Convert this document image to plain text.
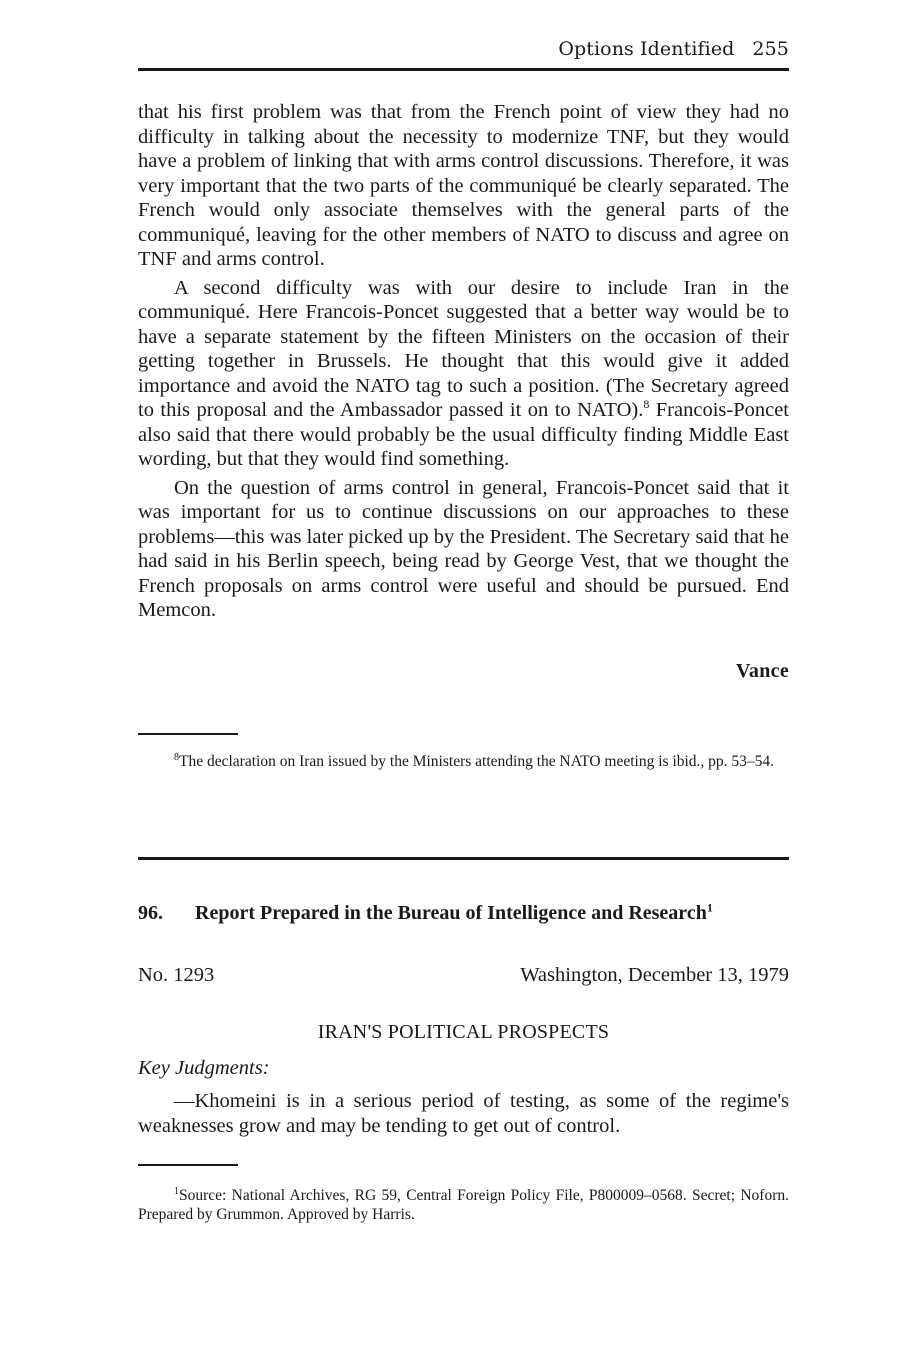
Options Identified 255

that his first problem was that from the French point of view they had no difficulty in talking about the necessity to modernize TNF, but they would have a problem of linking that with arms control discussions. Therefore, it was very important that the two parts of the communiqué be clearly separated. The French would only associate themselves with the general parts of the communiqué, leaving for the other members of NATO to discuss and agree on TNF and arms control.

A second difficulty was with our desire to include Iran in the communiqué. Here Francois-Poncet suggested that a better way would be to have a separate statement by the fifteen Ministers on the occasion of their getting together in Brussels. He thought that this would give it added importance and avoid the NATO tag to such a position. (The Secretary agreed to this proposal and the Ambassador passed it on to NATO).$^8$ Francois-Poncet also said that there would probably be the usual difficulty finding Middle East wording, but that they would find something.

On the question of arms control in general, Francois-Poncet said that it was important for us to continue discussions on our approaches to these problems—this was later picked up by the President. The Secretary said that he had said in his Berlin speech, being read by George Vest, that we thought the French proposals on arms control were useful and should be pursued. End Memcon.

Vance
$^8$The declaration on Iran issued by the Ministers attending the NATO meeting is ibid., pp. 53–54.
96. Report Prepared in the Bureau of Intelligence and Research$^1$
No. 1293	Washington, December 13, 1979
IRAN'S POLITICAL PROSPECTS
Key Judgments:
—Khomeini is in a serious period of testing, as some of the regime's weaknesses grow and may be tending to get out of control.
$^1$Source: National Archives, RG 59, Central Foreign Policy File, P800009–0568. Secret; Noforn. Prepared by Grummon. Approved by Harris.
